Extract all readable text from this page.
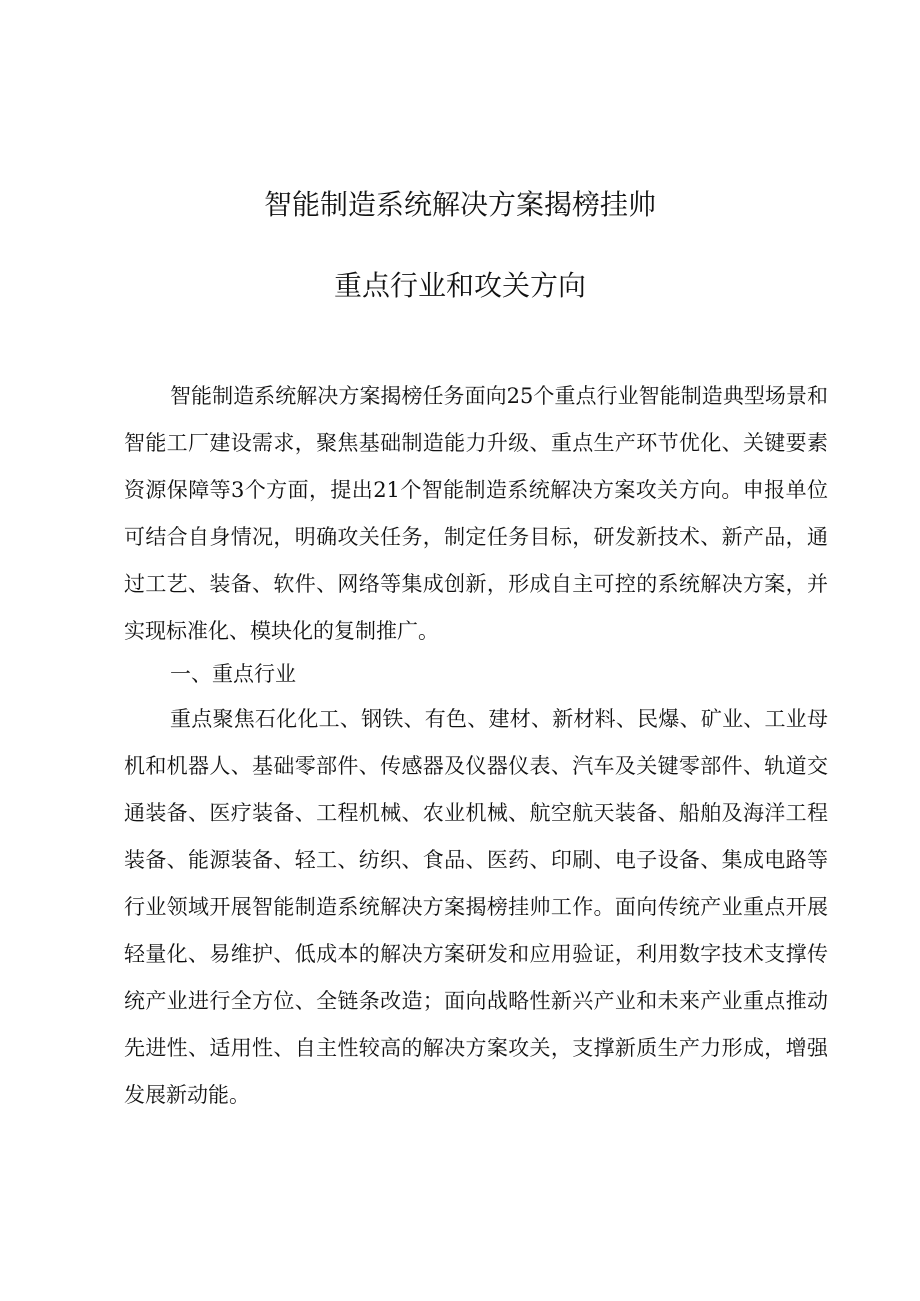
智能制造系统解决方案揭榜挂帅
重点行业和攻关方向

智能制造系统解决方案揭榜任务面向25个重点行业智能制造典型场景和智能工厂建设需求，聚焦基础制造能力升级、重点生产环节优化、关键要素资源保障等3个方面，提出21个智能制造系统解决方案攻关方向。申报单位可结合自身情况，明确攻关任务，制定任务目标，研发新技术、新产品，通过工艺、装备、软件、网络等集成创新，形成自主可控的系统解决方案，并实现标准化、模块化的复制推广。

一、重点行业

重点聚焦石化化工、钢铁、有色、建材、新材料、民爆、矿业、工业母机和机器人、基础零部件、传感器及仪器仪表、汽车及关键零部件、轨道交通装备、医疗装备、工程机械、农业机械、航空航天装备、船舶及海洋工程装备、能源装备、轻工、纺织、食品、医药、印刷、电子设备、集成电路等行业领域开展智能制造系统解决方案揭榜挂帅工作。面向传统产业重点开展轻量化、易维护、低成本的解决方案研发和应用验证，利用数字技术支撑传统产业进行全方位、全链条改造；面向战略性新兴产业和未来产业重点推动先进性、适用性、自主性较高的解决方案攻关，支撑新质生产力形成，增强发展新动能。
